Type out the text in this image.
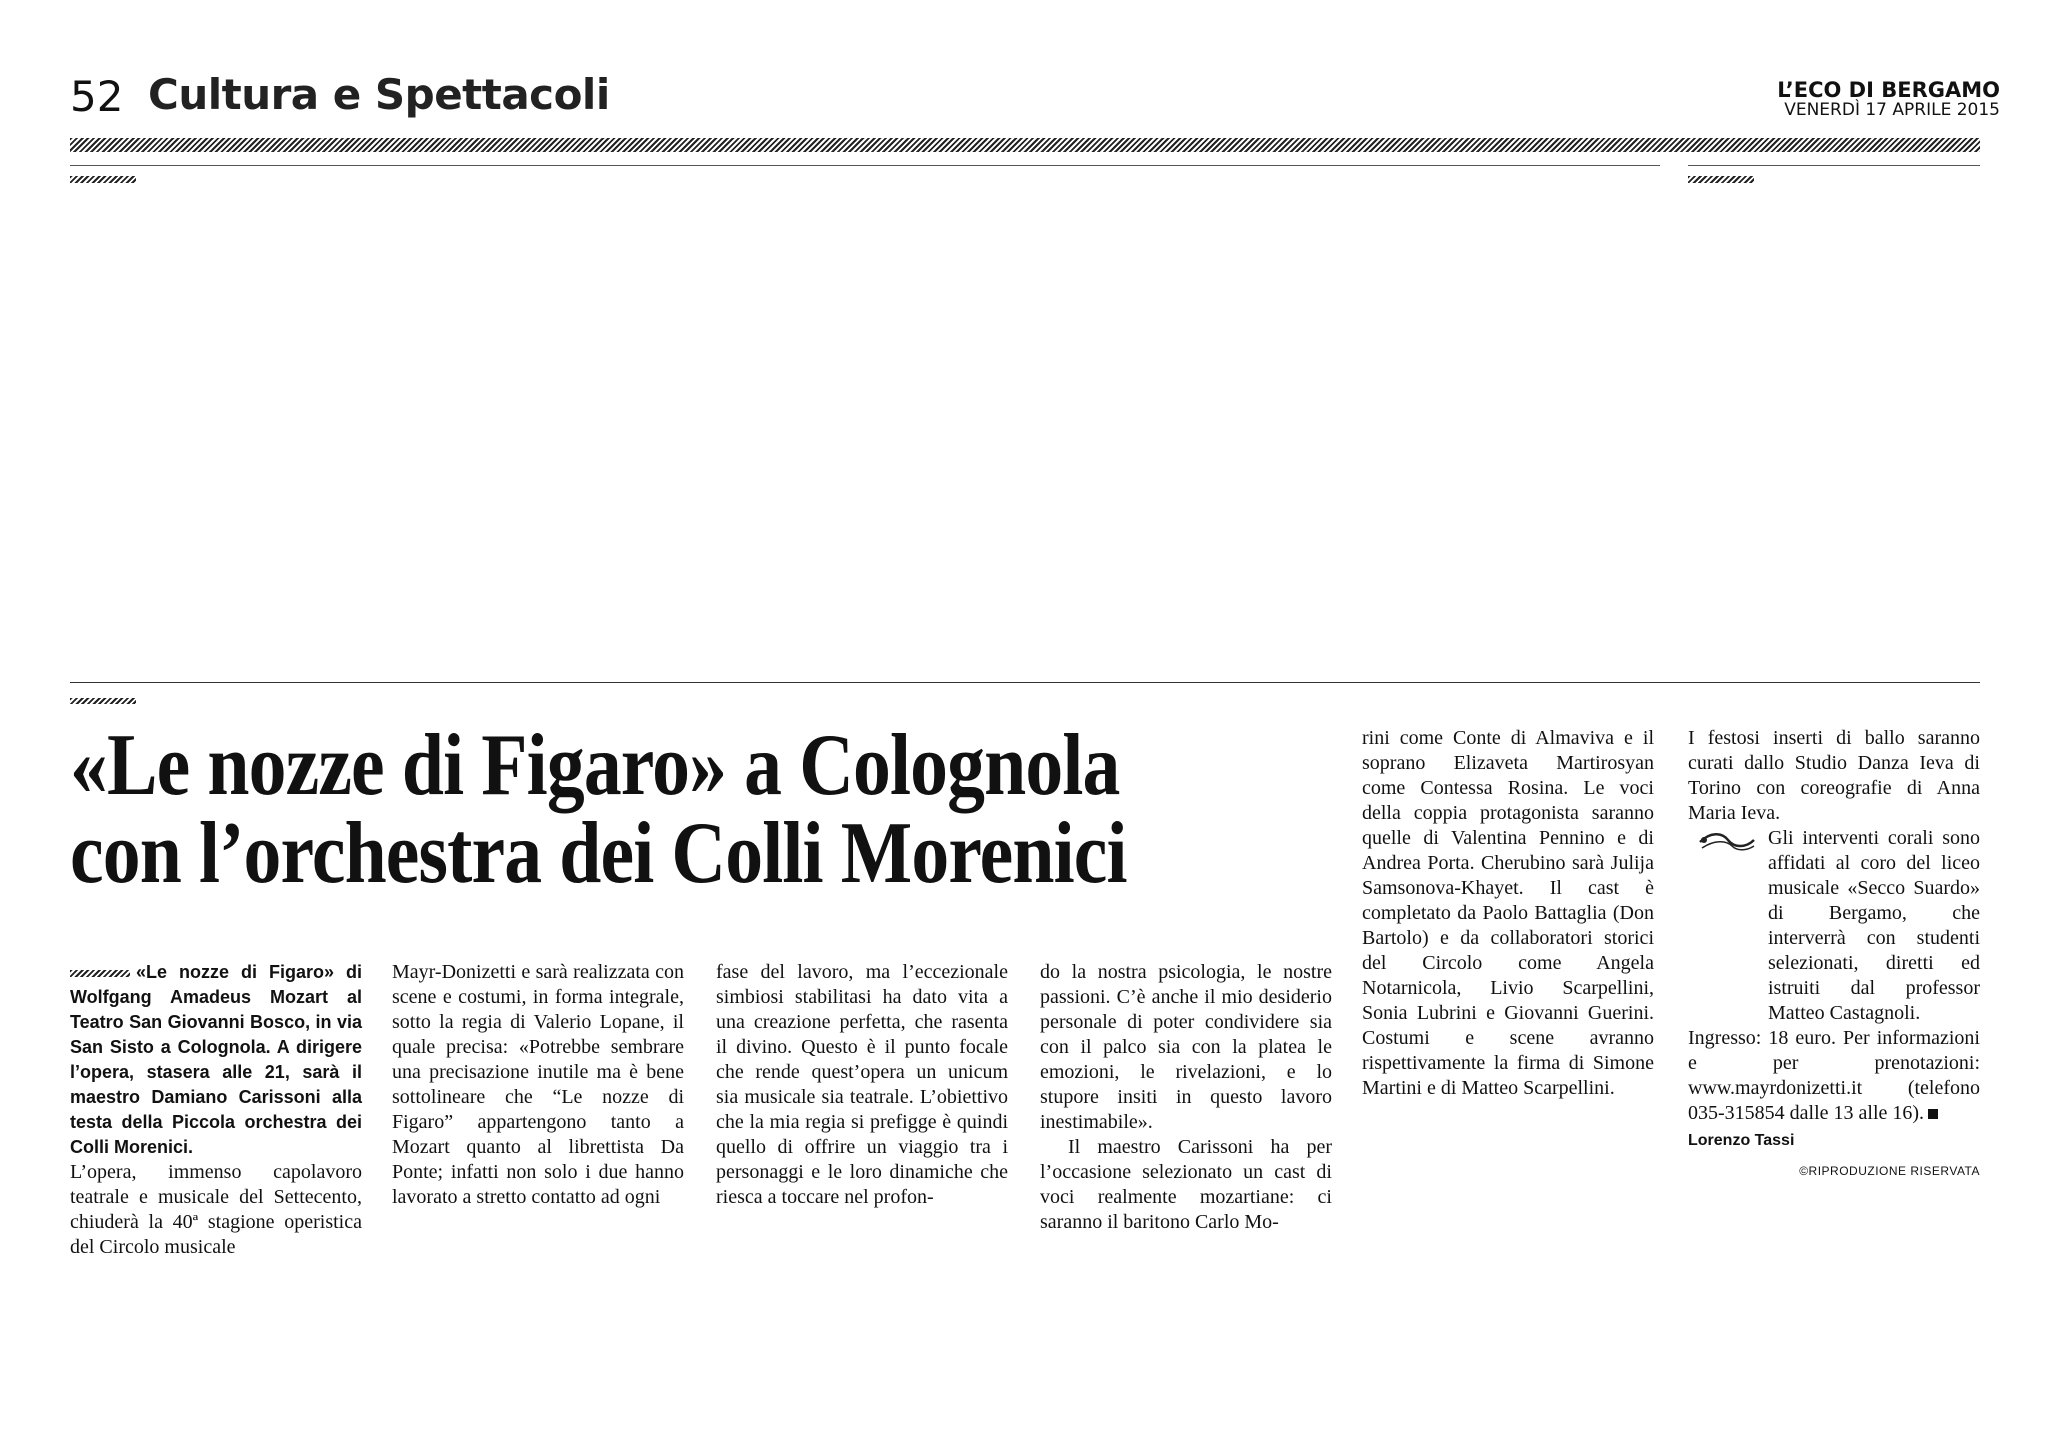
52 Cultura e Spettacoli	L’ECO DI BERGAMO
VENERDÌ 17 APRILE 2015
«Le nozze di Figaro» a Colognola
con l’orchestra dei Colli Morenici

«Le nozze di Figaro» di Wolfgang Amadeus Mozart al Teatro San Giovanni Bosco, in via San Sisto a Colognola. A dirigere l’opera, stasera alle 21, sarà il maestro Damiano Carissoni alla testa della Piccola orchestra dei Colli Morenici.

L’opera, immenso capolavoro teatrale e musicale del Settecento, chiuderà la 40ª stagione operistica del Circolo musicale

Mayr-Donizetti e sarà realizzata con scene e costumi, in forma integrale, sotto la regia di Valerio Lopane, il quale precisa: «Potrebbe sembrare una precisazione inutile ma è bene sottolineare che “Le nozze di Figaro” appartengono tanto a Mozart quanto al librettista Da Ponte; infatti non solo i due hanno lavorato a stretto contatto ad ogni

fase del lavoro, ma l’eccezionale simbiosi stabilitasi ha dato vita a una creazione perfetta, che rasenta il divino. Questo è il punto focale che rende quest’opera un unicum sia musicale sia teatrale. L’obiettivo che la mia regia si prefigge è quindi quello di offrire un viaggio tra i personaggi e le loro dinamiche che riesca a toccare nel profon-

do la nostra psicologia, le nostre passioni. C’è anche il mio desiderio personale di poter condividere sia con il palco sia con la platea le emozioni, le rivelazioni, e lo stupore insiti in questo lavoro inestimabile».

Il maestro Carissoni ha per l’occasione selezionato un cast di voci realmente mozartiane: ci saranno il baritono Carlo Mo-

rini come Conte di Almaviva e il soprano Elizaveta Martirosyan come Contessa Rosina. Le voci della coppia protagonista saranno quelle di Valentina Pennino e di Andrea Porta. Cherubino sarà Julija Samsonova-Khayet. Il cast è completato da Paolo Battaglia (Don Bartolo) e da collaboratori storici del Circolo come Angela Notarnicola, Livio Scarpellini, Sonia Lubrini e Giovanni Guerini. Costumi e scene avranno rispettivamente la firma di Simone Martini e di Matteo Scarpellini.

I festosi inserti di ballo saranno curati dallo Studio Danza Ieva di Torino con coreografie di Anna Maria Ieva.

Gli interventi corali sono affidati al coro del liceo musicale «Secco Suardo» di Bergamo, che interverrà con studenti selezionati, diretti ed istruiti dal professor Matteo Castagnoli.

Ingresso: 18 euro. Per informazioni e per prenotazioni: www.mayrdonizetti.it (telefono 035-315854 dalle 13 alle 16).

Lorenzo Tassi
©RIPRODUZIONE RISERVATA
